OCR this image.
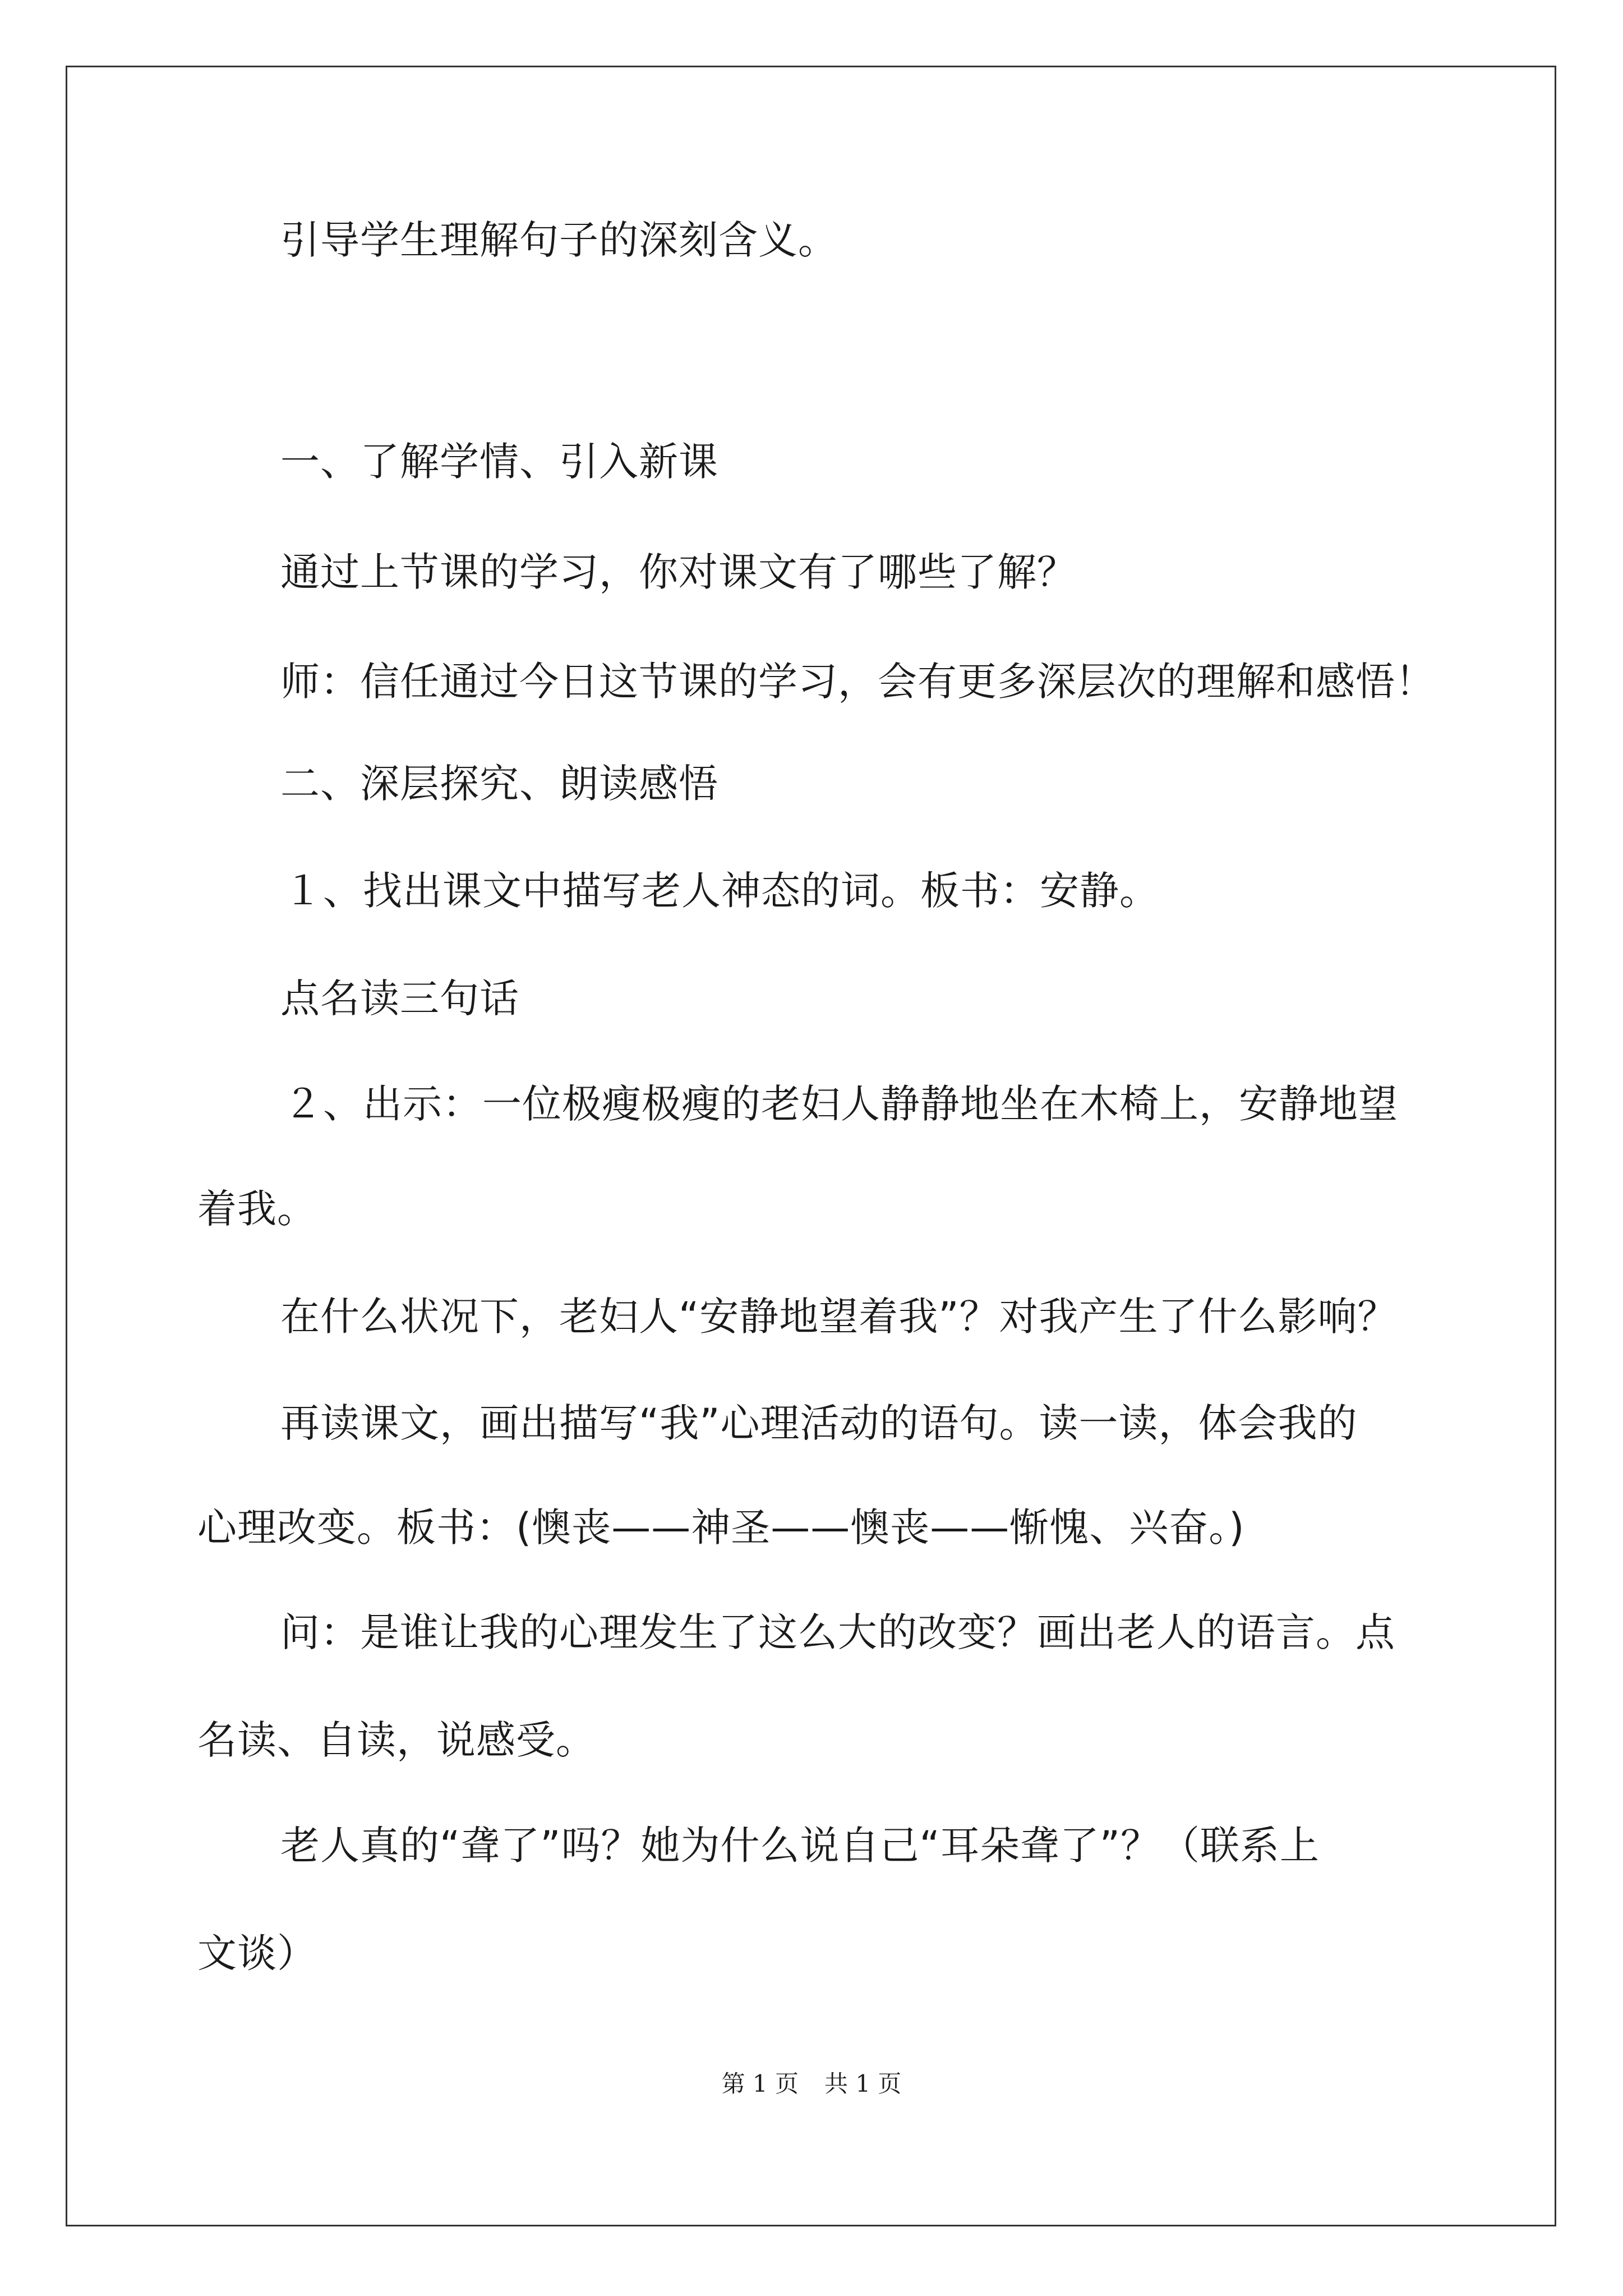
引导学生理解句子的深刻含义。
一、了解学情、引入新课
通过上节课的学习，你对课文有了哪些了解？
师：信任通过今日这节课的学习，会有更多深层次的理解和感悟！
二、深层探究、朗读感悟
１、找出课文中描写老人神态的词。板书：安静。
点名读三句话
２、出示：一位极瘦极瘦的老妇人静静地坐在木椅上，安静地望
着我。
在什么状况下，老妇人“安静地望着我”？对我产生了什么影响？
再读课文，画出描写“我”心理活动的语句。读一读，体会我的
心理改变。板书：(懊丧——神圣——懊丧——惭愧、兴奋。)
问：是谁让我的心理发生了这么大的改变？画出老人的语言。点
名读、自读，说感受。
老人真的“聋了”吗？她为什么说自己“耳朵聋了”？（联系上
文谈）
第 1 页 共 1 页
